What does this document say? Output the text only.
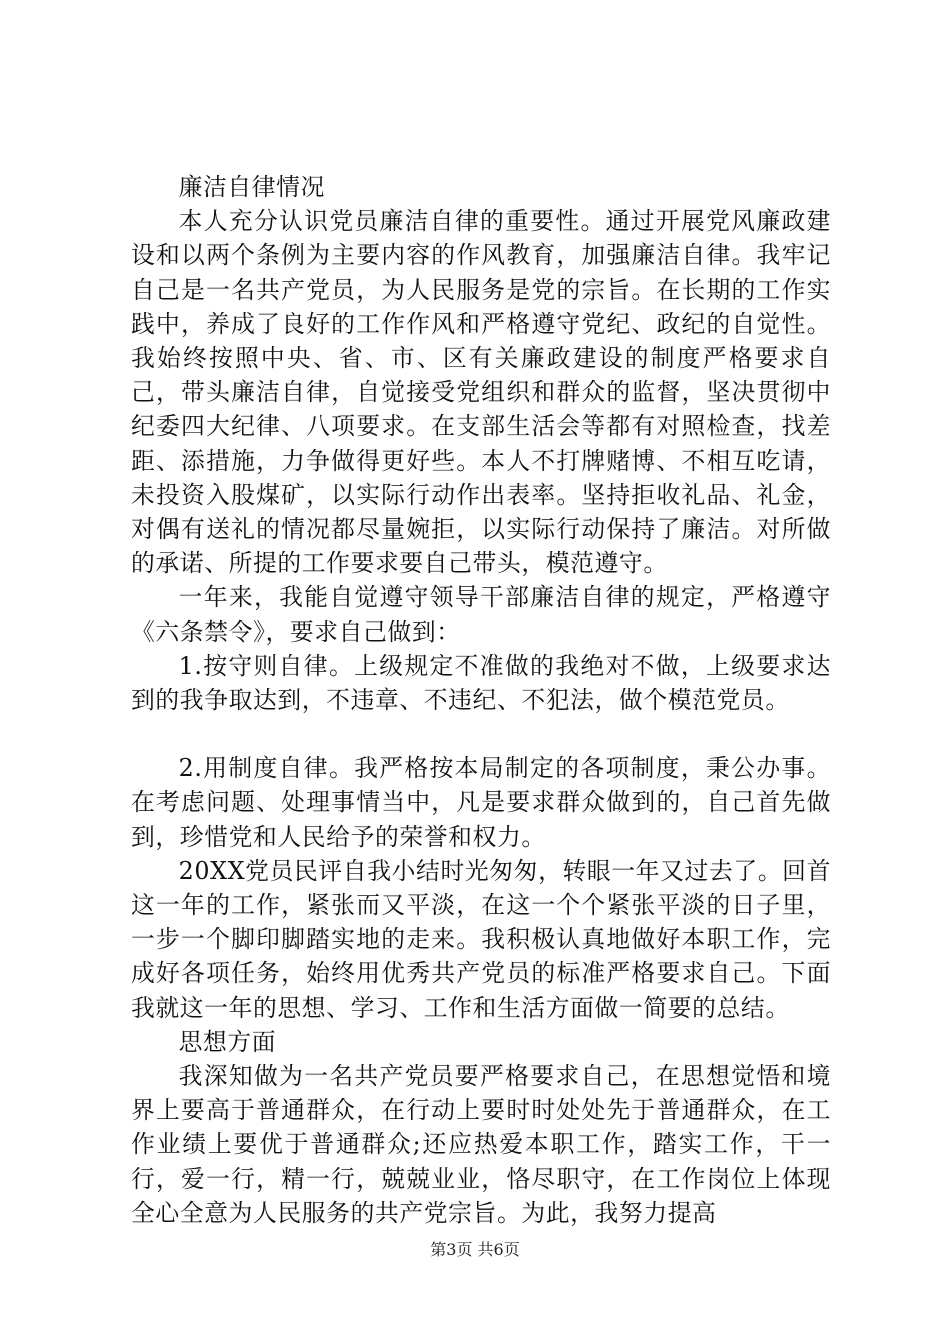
廉洁自律情况

本人充分认识党员廉洁自律的重要性。通过开展党风廉政建设和以两个条例为主要内容的作风教育，加强廉洁自律。我牢记自己是一名共产党员，为人民服务是党的宗旨。在长期的工作实践中，养成了良好的工作作风和严格遵守党纪、政纪的自觉性。我始终按照中央、省、市、区有关廉政建设的制度严格要求自己，带头廉洁自律，自觉接受党组织和群众的监督，坚决贯彻中纪委四大纪律、八项要求。在支部生活会等都有对照检查，找差距、添措施，力争做得更好些。本人不打牌赌博、不相互吃请，未投资入股煤矿，以实际行动作出表率。坚持拒收礼品、礼金，对偶有送礼的情况都尽量婉拒，以实际行动保持了廉洁。对所做的承诺、所提的工作要求要自己带头，模范遵守。

一年来，我能自觉遵守领导干部廉洁自律的规定，严格遵守《六条禁令》，要求自己做到：

1.按守则自律。上级规定不准做的我绝对不做，上级要求达到的我争取达到，不违章、不违纪、不犯法，做个模范党员。

2.用制度自律。我严格按本局制定的各项制度，秉公办事。在考虑问题、处理事情当中，凡是要求群众做到的，自己首先做到，珍惜党和人民给予的荣誉和权力。

20XX党员民评自我小结时光匆匆，转眼一年又过去了。回首这一年的工作，紧张而又平淡，在这一个个紧张平淡的日子里，一步一个脚印脚踏实地的走来。我积极认真地做好本职工作，完成好各项任务，始终用优秀共产党员的标准严格要求自己。下面我就这一年的思想、学习、工作和生活方面做一简要的总结。

思想方面

我深知做为一名共产党员要严格要求自己，在思想觉悟和境界上要高于普通群众，在行动上要时时处处先于普通群众，在工作业绩上要优于普通群众;还应热爱本职工作，踏实工作，干一行，爱一行，精一行，兢兢业业，恪尽职守，在工作岗位上体现全心全意为人民服务的共产党宗旨。为此，我努力提高

第3页 共6页
